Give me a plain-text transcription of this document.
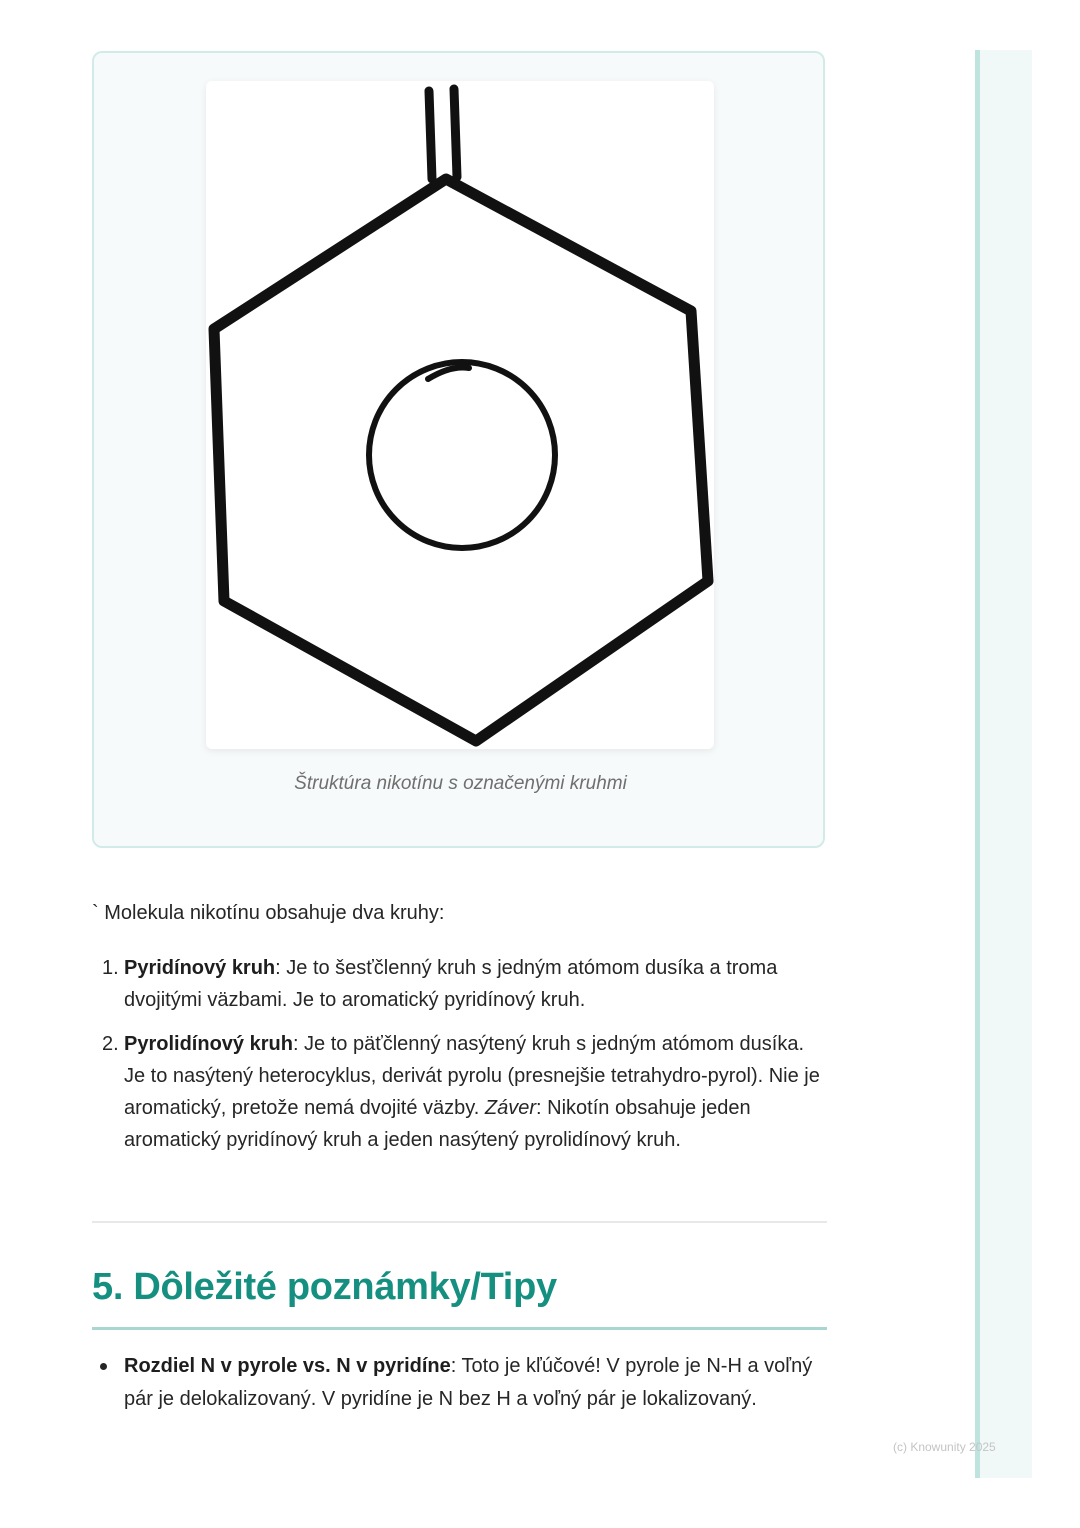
Štruktúra nikotínu s označenými kruhmi
` Molekula nikotínu obsahuje dva kruhy:
1. Pyridínový kruh: Je to šesťčlenný kruh s jedným atómom dusíka a troma dvojitými väzbami. Je to aromatický pyridínový kruh.
2. Pyrolidínový kruh: Je to päťčlenný nasýtený kruh s jedným atómom dusíka. Je to nasýtený heterocyklus, derivát pyrolu (presnejšie tetrahydro-pyrol). Nie je aromatický, pretože nemá dvojité väzby. Záver: Nikotín obsahuje jeden aromatický pyridínový kruh a jeden nasýtený pyrolidínový kruh.
5. Dôležité poznámky/Tipy
Rozdiel N v pyrole vs. N v pyridíne: Toto je kľúčové! V pyrole je N-H a voľný pár je delokalizovaný. V pyridíne je N bez H a voľný pár je lokalizovaný.
(c) Knowunity 2025
